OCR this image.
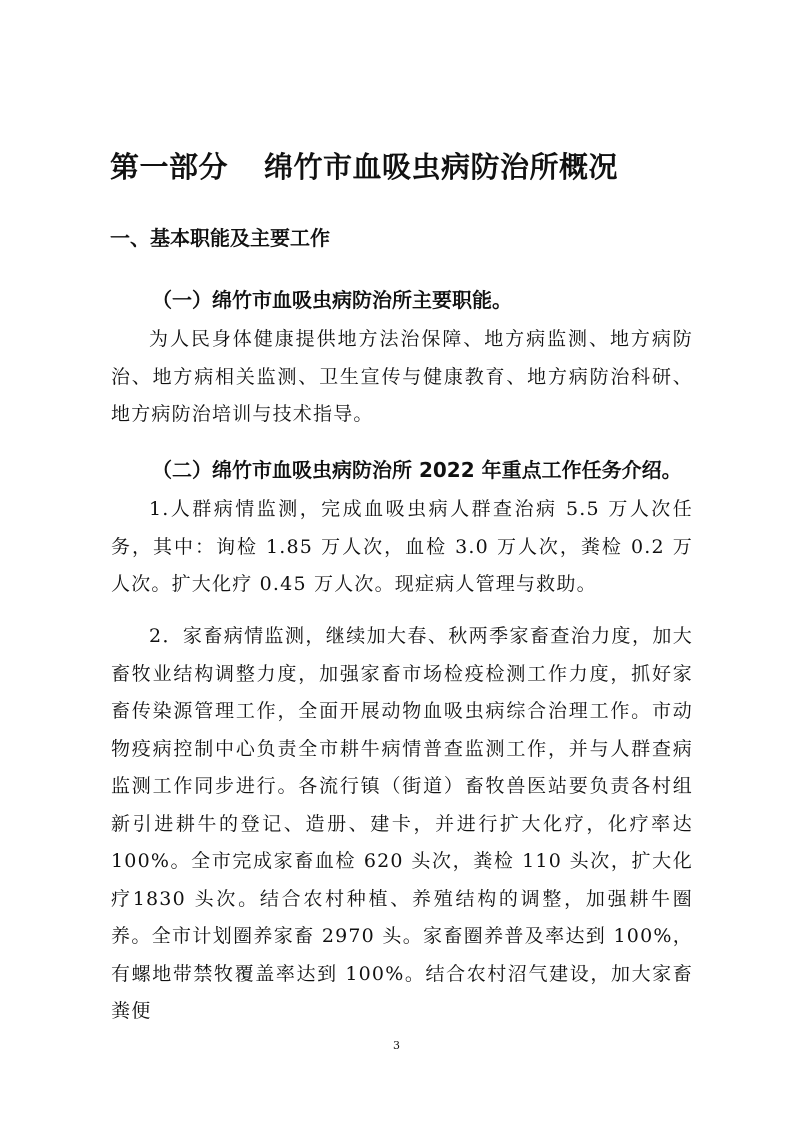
第一部分 绵竹市血吸虫病防治所概况
一、基本职能及主要工作
（一）绵竹市血吸虫病防治所主要职能。

为人民身体健康提供地方法治保障、地方病监测、地方病防治、地方病相关监测、卫生宣传与健康教育、地方病防治科研、地方病防治培训与技术指导。

（二）绵竹市血吸虫病防治所 2022 年重点工作任务介绍。

1.人群病情监测，完成血吸虫病人群查治病 5.5 万人次任务，其中：询检 1.85 万人次，血检 3.0 万人次，粪检 0.2 万人次。扩大化疗 0.45 万人次。现症病人管理与救助。

2．家畜病情监测，继续加大春、秋两季家畜查治力度，加大畜牧业结构调整力度，加强家畜市场检疫检测工作力度，抓好家畜传染源管理工作，全面开展动物血吸虫病综合治理工作。市动物疫病控制中心负责全市耕牛病情普查监测工作，并与人群查病监测工作同步进行。各流行镇（街道）畜牧兽医站要负责各村组新引进耕牛的登记、造册、建卡，并进行扩大化疗，化疗率达100%。全市完成家畜血检 620 头次，粪检 110 头次，扩大化疗1830 头次。结合农村种植、养殖结构的调整，加强耕牛圈养。全市计划圈养家畜 2970 头。家畜圈养普及率达到 100%，有螺地带禁牧覆盖率达到 100%。结合农村沼气建设，加大家畜粪便

3
